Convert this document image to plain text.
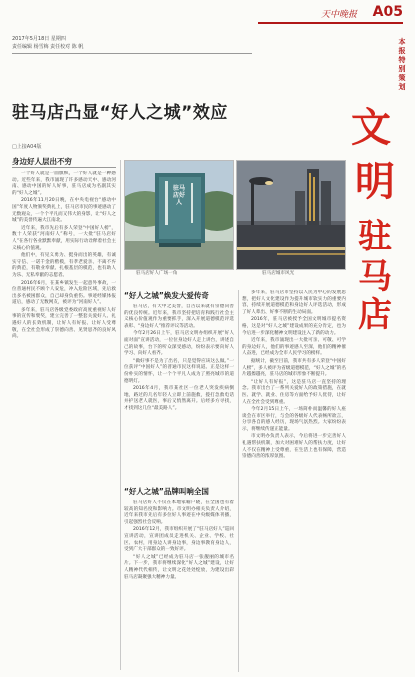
2017年5月18日 星期四
责任编辑 杨雪梅 责任校对 陈 帆
天中晚报 A05
本
报
特
别
策
划
文
明
驻
马
店
驻马店凸显“好人之城”效应
□上接A04版
身边好人层出不穷

一个好人就是一面旗帜，一个好人就是一种感动。近些年来，我市涌现了许多感动天中、感动河南、感动中国的好人好事，驻马店成为名副其实的“好人之城”。

2016年11月20日晚，在中央电视台“感动中国”年度人物颁奖典礼上，驻马店市民的事迹感动了无数观众，一个个平凡而又伟大的身影，让“好人之城”的美誉传遍大江南北。

近年来，我市先后有多人荣登“中国好人榜”，数十人荣获“河南好人”称号，一大批“驻马店好人”在各行各业默默奉献，用实际行动诠释着社会主义核心价值观。

他们中，有见义勇为、挺身而出的英雄，有诚实守信、一诺千金的楷模，有孝老爱亲、不离不弃的典范，有敬业奉献、扎根基层的模范，也有助人为乐、无私奉献的志愿者。

2016年6月，在某乡镇发生一起意外事故，一位普通村民不顾个人安危，冲入危险区域，先后救出多名被困群众，自己却身负重伤。事迹经媒体报道后，感动了无数网友，被评为“河南好人”。

多年来，驻马店各级党委政府高度重视好人好事的宣传和褒奖，建立完善了一整套关爱好人、礼遇好人的长效机制，让好人有好报、让好人受尊敬，在全社会形成了崇德向善、见贤思齐的良好风尚。

驻马店好人
驻马店好人广场一角	驻马店城市风光
“好人之城”焕发大爱传奇

驻马店，有天中之美誉，自古以来就有崇德向善的优良传统。近年来，我市坚持把培育和践行社会主义核心价值观作为重要抓手，深入开展道德模范评选表彰、“身边好人”推荐评议等活动。

今年2月26日上午，驻马店文明办组织开展“好人面对面”宣讲活动，一位位身边好人走上讲台，讲述自己的故事，台下的听众深受感动，纷纷表示要向好人学习、向好人看齐。

“做好事不是为了出名，只是觉得应该这么做。”一位获评“中国好人”的普通市民这样说道。正是这样一份朴实的情怀，让一个个平凡人成为了照亮城市的道德明灯。

2016年4月，我市某社区一位老人突发疾病倒地，路过的几名年轻人立即上前施救，拨打急救电话并护送老人就医，事后又悄然离开。后经多方寻找，才找到这几位“最美路人”。

“好人之城”品牌叫响全国

驻马店好人不仅在本地家喻户晓，在全国也有着较高的知名度和影响力。市文明办相关负责人介绍，近年来我市先后有多位好人事迹在中央级媒体刊播，引起强烈社会反响。

2016年12月，我市组织开展了“驻马店好人”巡回宣讲活动，宣讲团成员走进机关、企业、学校、社区、农村，用身边人讲身边事，身边事教育身边人，受到广大干部群众的一致好评。

“好人之城”已经成为驻马店一张靓丽的城市名片。下一步，我市将继续深化“好人之城”建设，让好人精神代代相传，让文明之花处处绽放，为建设出彩驻马店凝聚强大精神力量。

多年来，驻马店市坚持以人民为中心的发展思想，把好人文化建设作为提升城市软实力的重要内容，持续开展道德模范和身边好人评选活动，形成了好人辈出、好事不断的生动局面。

2016年，驻马店被授予全国文明城市提名资格，这是对“好人之城”建设成果的充分肯定，也为今后进一步深化精神文明建设注入了新的动力。

近年来，我市涌现出一大批可亲、可敬、可学的身边好人，他们的事迹感人至深，他们的精神催人奋进，已经成为全市人民学习的榜样。

据统计，截至目前，我市共有多人荣登“中国好人榜”，多人被评为省级道德模范，“好人之城”的名片越擦越亮，驻马店的城市形象不断提升。

“让好人有好报”，这是驻马店一直坚持的理念。我市出台了一系列关爱好人的政策措施，在就医、就学、就业、住房等方面给予好人优待，让好人在全社会受到尊重。

今年2月15日上午，一场简朴而温馨的好人座谈会在市区举行，与会的各级好人代表畅所欲言，分享各自的感人经历，现场气氛热烈。大家纷纷表示，将继续传递正能量。

市文明办负责人表示，今后将进一步完善好人礼遇帮扶机制，加大对困难好人的帮扶力度，让好人不仅在精神上受尊重，在生活上也有保障，营造崇德向善的浓厚氛围。
